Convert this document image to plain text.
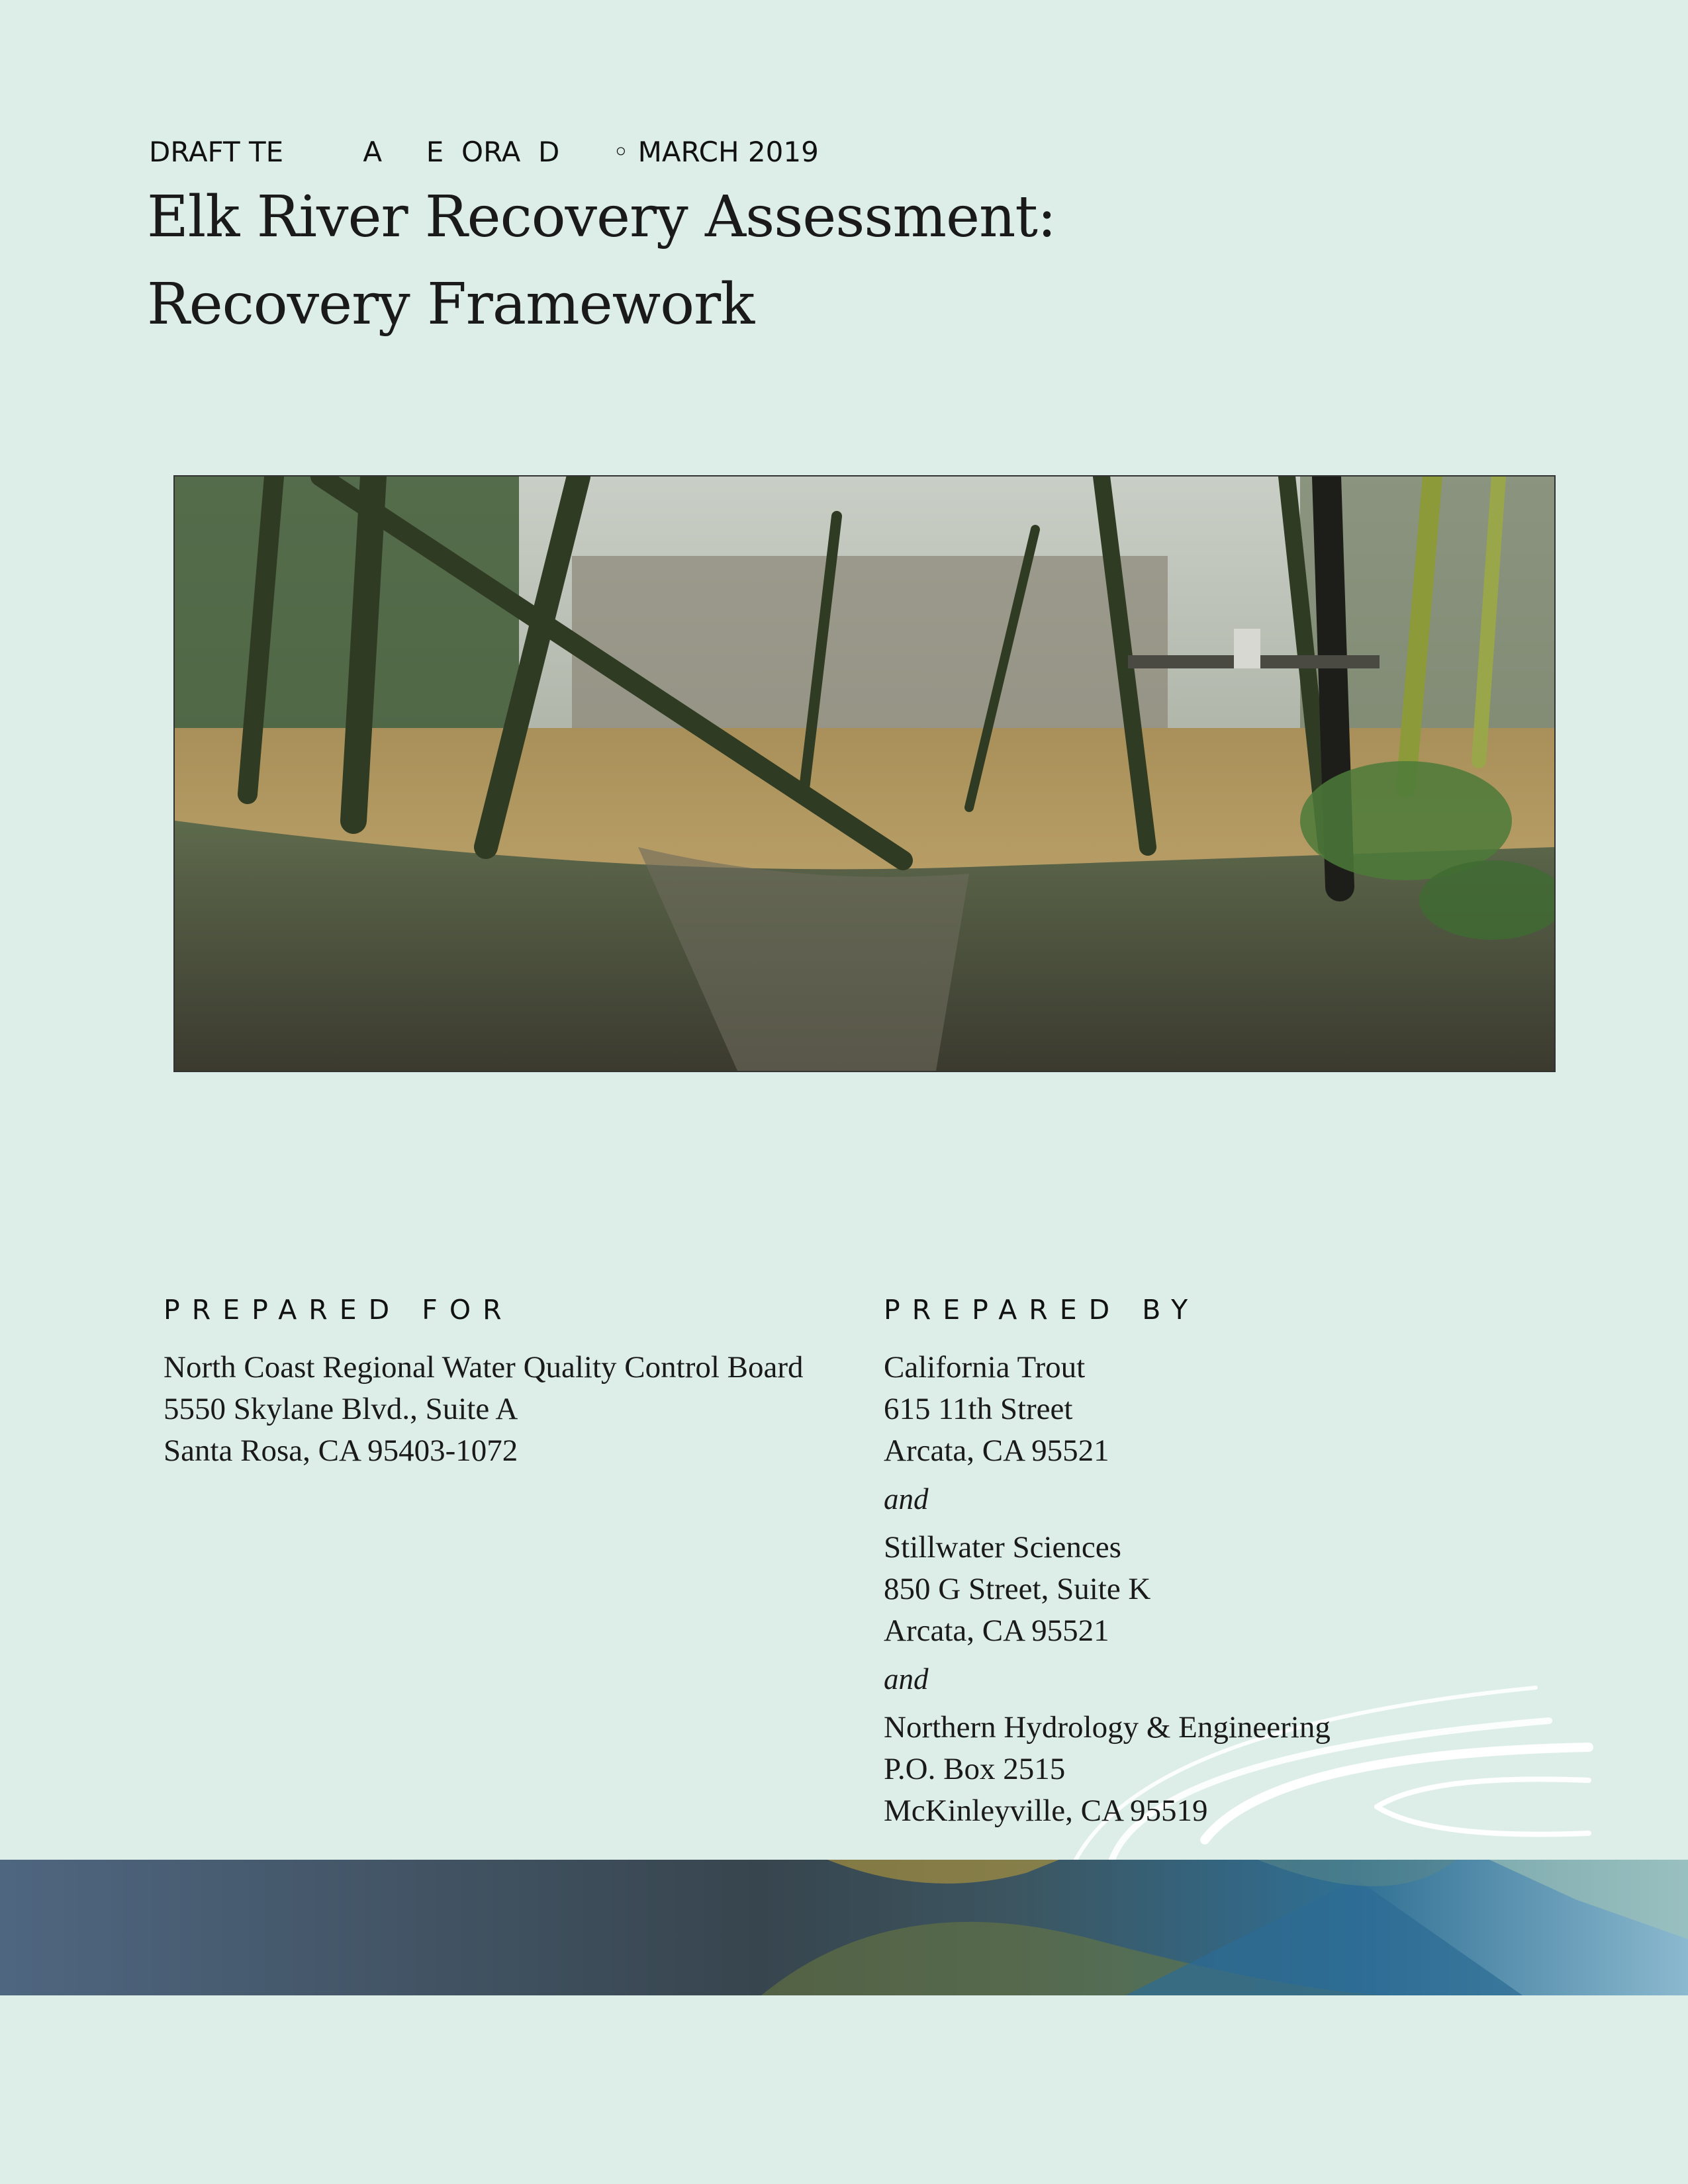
DRAFT TE         A     E  ORA  D      ◦ MARCH 2019
Elk River Recovery Assessment:
Recovery Framework
PREPARED FOR
North Coast Regional Water Quality Control Board
5550 Skylane Blvd., Suite A
Santa Rosa, CA 95403-1072
PREPARED BY
California Trout
615 11th Street
Arcata, CA 95521
and
Stillwater Sciences
850 G Street, Suite K
Arcata, CA 95521
and
Northern Hydrology & Engineering
P.O. Box 2515
McKinleyville, CA 95519
